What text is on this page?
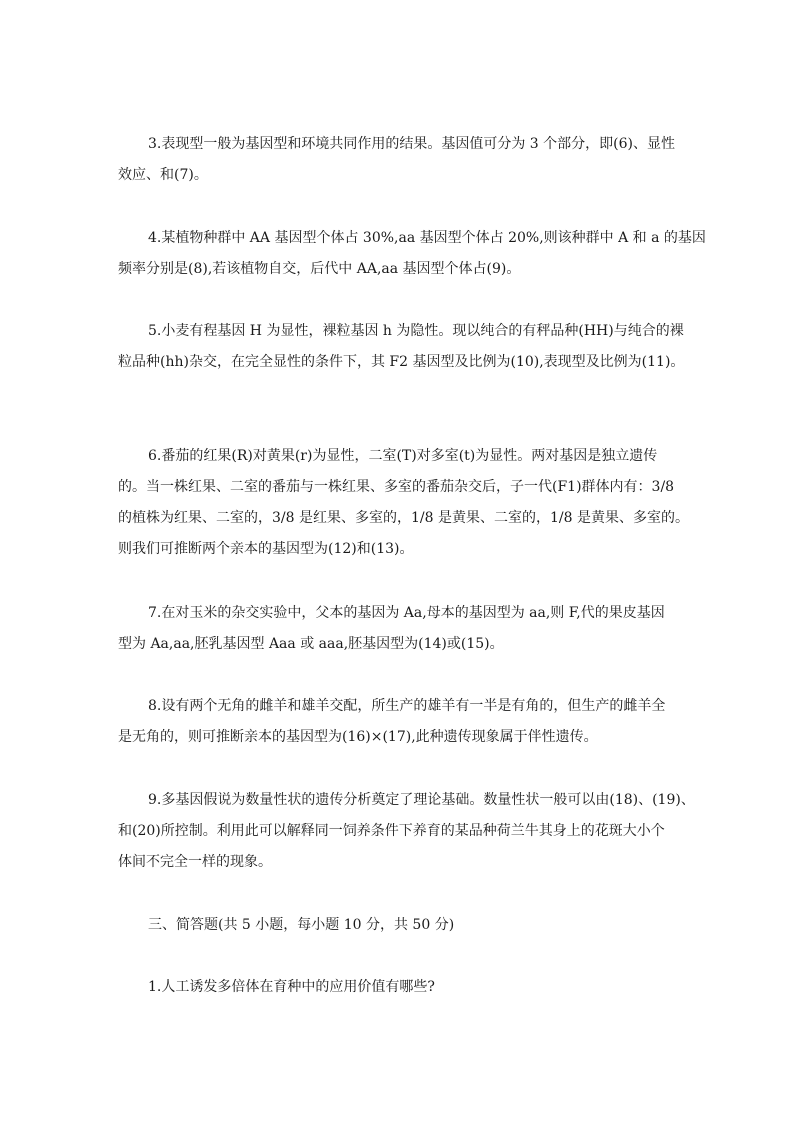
3.表现型一般为基因型和环境共同作用的结果。基因值可分为 3 个部分，即(6)、显性
效应、和(7)。
4.某植物种群中 AA 基因型个体占 30%,aa 基因型个体占 20%,则该种群中 A 和 a 的基因
频率分别是(8),若该植物自交，后代中 AA,aa 基因型个体占(9)。
5.小麦有程基因 H 为显性，裸粒基因 h 为隐性。现以纯合的有秤品种(HH)与纯合的裸
粒品种(hh)杂交，在完全显性的条件下，其 F2 基因型及比例为(10),表现型及比例为(11)。
6.番茄的红果(R)对黄果(r)为显性，二室(T)对多室(t)为显性。两对基因是独立遗传
的。当一株红果、二室的番茄与一株红果、多室的番茄杂交后，子一代(F1)群体内有：3/8
的植株为红果、二室的，3/8 是红果、多室的，1/8 是黄果、二室的，1/8 是黄果、多室的。
则我们可推断两个亲本的基因型为(12)和(13)。
7.在对玉米的杂交实验中，父本的基因为 Aa,母本的基因型为 aa,则 F,代的果皮基因
型为 Aa,aa,胚乳基因型 Aaa 或 aaa,胚基因型为(14)或(15)。
8.设有两个无角的雌羊和雄羊交配，所生产的雄羊有一半是有角的，但生产的雌羊全
是无角的，则可推断亲本的基因型为(16)×(17),此种遗传现象属于伴性遗传。
9.多基因假说为数量性状的遗传分析奠定了理论基础。数量性状一般可以由(18)、(19)、
和(20)所控制。利用此可以解释同一饲养条件下养育的某品种荷兰牛其身上的花斑大小个
体间不完全一样的现象。
三、简答题(共 5 小题，每小题 10 分，共 50 分)
1.人工诱发多倍体在育种中的应用价值有哪些?
